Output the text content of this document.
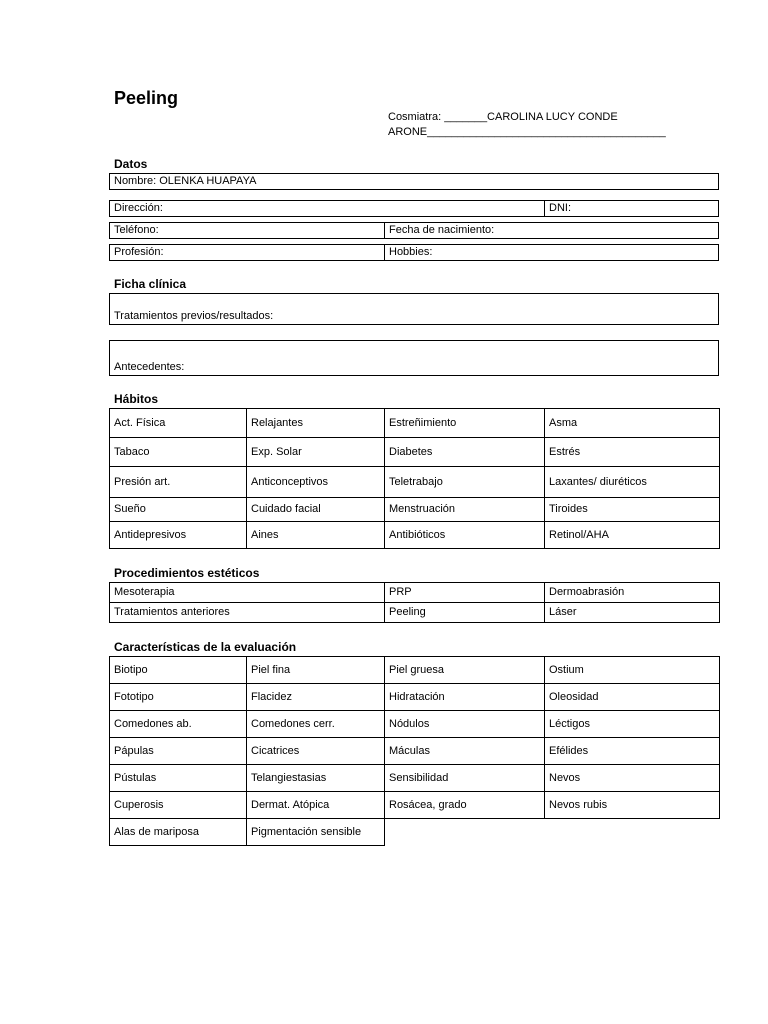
Peeling
Cosmiatra: _______CAROLINA LUCY CONDE
ARONE_______________________________________
Datos
Nombre: OLENKA HUAPAYA
Dirección:	DNI:
Teléfono:	Fecha de nacimiento:
Profesión:	Hobbies:
Ficha clínica
Tratamientos previos/resultados:
Antecedentes:
Hábitos
Act. Física	Relajantes	Estreñimiento	Asma
Tabaco	Exp. Solar	Diabetes	Estrés
Presión art.	Anticonceptivos	Teletrabajo	Laxantes/ diuréticos
Sueño	Cuidado facial	Menstruación	Tiroides
Antidepresivos	Aines	Antibióticos	Retinol/AHA
Procedimientos estéticos
Mesoterapia	PRP	Dermoabrasión
Tratamientos anteriores	Peeling	Láser
Características de la evaluación
Biotipo	Piel fina	Piel gruesa	Ostium
Fototipo	Flacidez	Hidratación	Oleosidad
Comedones ab.	Comedones cerr.	Nódulos	Léctigos
Pápulas	Cicatrices	Máculas	Efélides
Pústulas	Telangiestasias	Sensibilidad	Nevos
Cuperosis	Dermat. Atópica	Rosácea, grado	Nevos rubis
Alas de mariposa	Pigmentación sensible		
